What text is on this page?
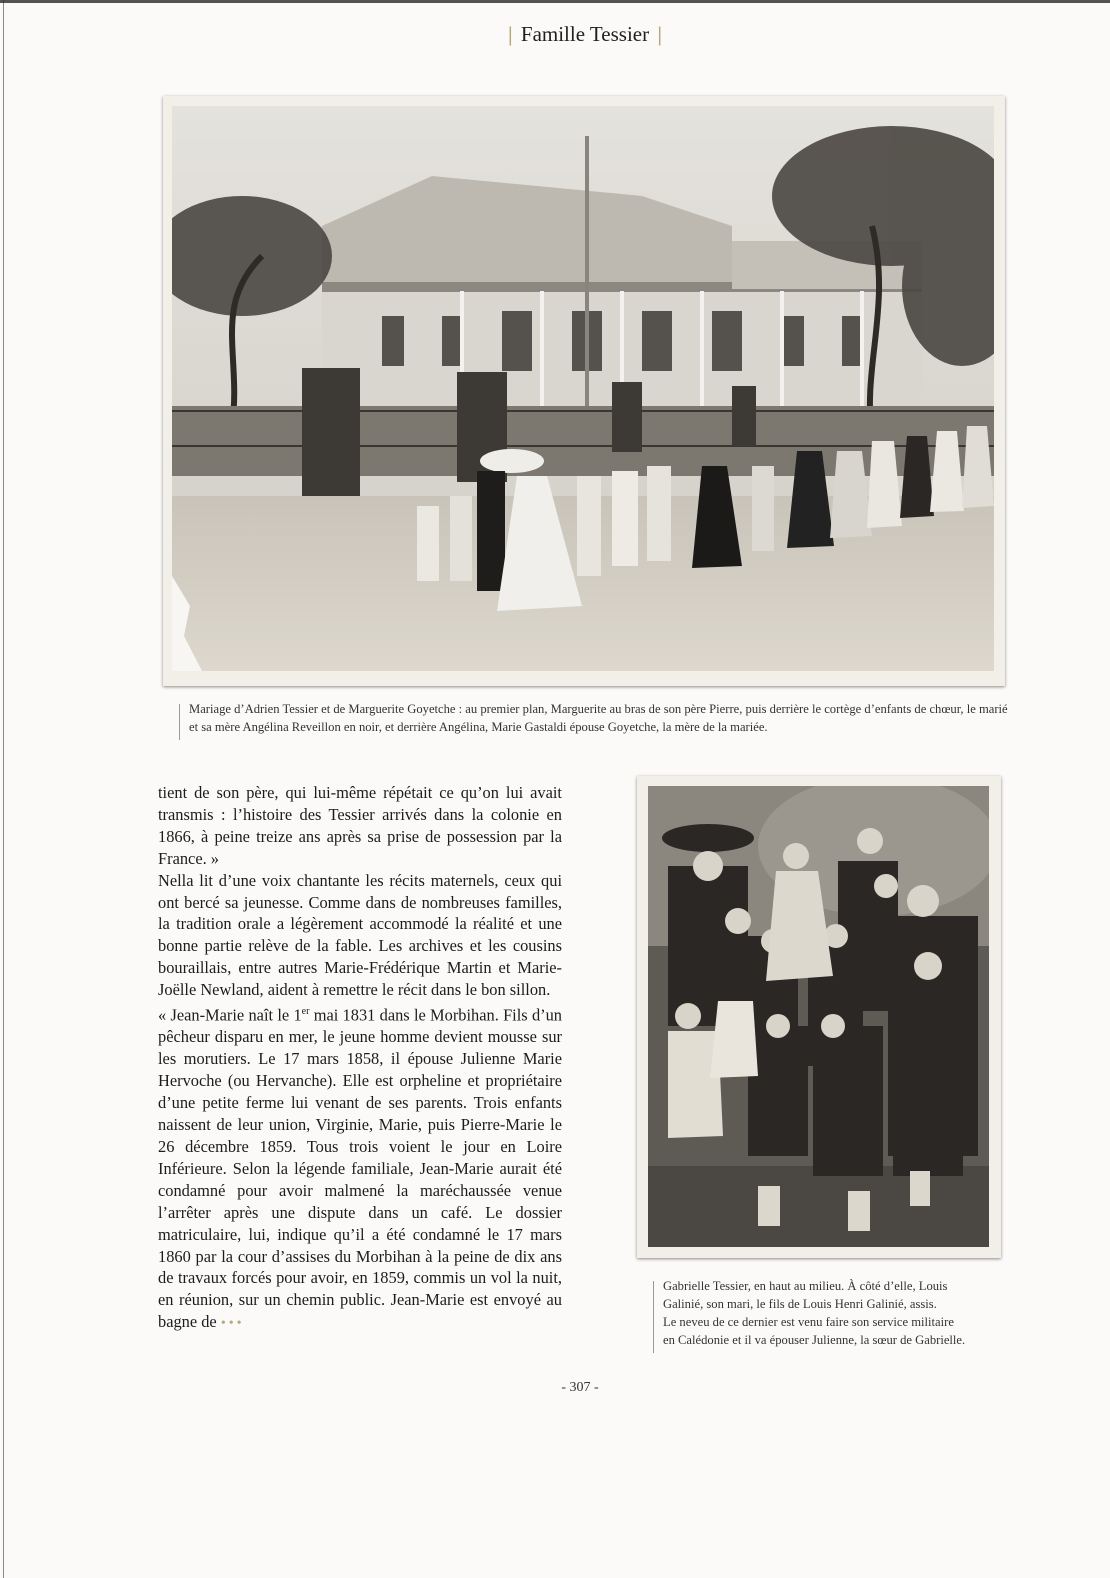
| Famille Tessier |
Mariage d’Adrien Tessier et de Marguerite Goyetche : au premier plan, Marguerite au bras de son père Pierre, puis derrière le cortège d’enfants de chœur, le marié et sa mère Angélina Reveillon en noir, et derrière Angélina, Marie Gastaldi épouse Goyetche, la mère de la mariée.

tient de son père, qui lui-même répétait ce qu’on lui avait transmis : l’histoire des Tessier arrivés dans la colonie en 1866, à peine treize ans après sa prise de possession par la France. »

Nella lit d’une voix chantante les récits maternels, ceux qui ont bercé sa jeunesse. Comme dans de nombreuses familles, la tradition orale a légèrement accommodé la réalité et une bonne partie relève de la fable. Les archives et les cousins bouraillais, entre autres Marie-Frédérique Martin et Marie-Joëlle Newland, aident à remettre le récit dans le bon sillon.

« Jean-Marie naît le 1er mai 1831 dans le Morbihan. Fils d’un pêcheur disparu en mer, le jeune homme devient mousse sur les morutiers. Le 17 mars 1858, il épouse Julienne Marie Hervoche (ou Hervanche). Elle est orpheline et propriétaire d’une petite ferme lui venant de ses parents. Trois enfants naissent de leur union, Virginie, Marie, puis Pierre-Marie le 26 décembre 1859. Tous trois voient le jour en Loire Inférieure. Selon la légende familiale, Jean-Marie aurait été condamné pour avoir malmené la maréchaussée venue l’arrêter après une dispute dans un café. Le dossier matriculaire, lui, indique qu’il a été condamné le 17 mars 1860 par la cour d’assises du Morbihan à la peine de dix ans de travaux forcés pour avoir, en 1859, commis un vol la nuit, en réunion, sur un chemin public. Jean-Marie est envoyé au bagne de •••

Gabrielle Tessier, en haut au milieu. À côté d’elle, Louis
Galinié, son mari, le fils de Louis Henri Galinié, assis.
Le neveu de ce dernier est venu faire son service militaire
en Calédonie et il va épouser Julienne, la sœur de Gabrielle.
- 307 -
